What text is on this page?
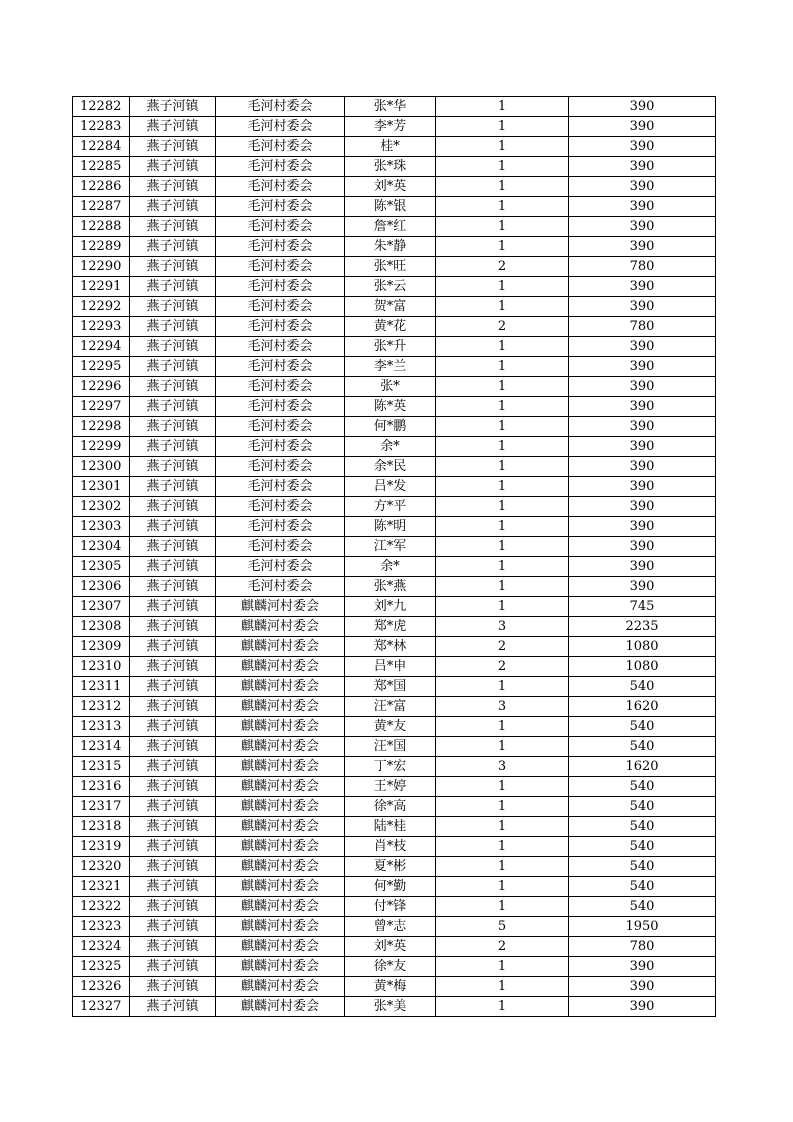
12282	燕子河镇	毛河村委会	张*华	1	390
12283	燕子河镇	毛河村委会	李*芳	1	390
12284	燕子河镇	毛河村委会	桂*	1	390
12285	燕子河镇	毛河村委会	张*珠	1	390
12286	燕子河镇	毛河村委会	刘*英	1	390
12287	燕子河镇	毛河村委会	陈*银	1	390
12288	燕子河镇	毛河村委会	詹*红	1	390
12289	燕子河镇	毛河村委会	朱*静	1	390
12290	燕子河镇	毛河村委会	张*旺	2	780
12291	燕子河镇	毛河村委会	张*云	1	390
12292	燕子河镇	毛河村委会	贺*富	1	390
12293	燕子河镇	毛河村委会	黄*花	2	780
12294	燕子河镇	毛河村委会	张*升	1	390
12295	燕子河镇	毛河村委会	李*兰	1	390
12296	燕子河镇	毛河村委会	张*	1	390
12297	燕子河镇	毛河村委会	陈*英	1	390
12298	燕子河镇	毛河村委会	何*鹏	1	390
12299	燕子河镇	毛河村委会	余*	1	390
12300	燕子河镇	毛河村委会	余*民	1	390
12301	燕子河镇	毛河村委会	吕*发	1	390
12302	燕子河镇	毛河村委会	方*平	1	390
12303	燕子河镇	毛河村委会	陈*明	1	390
12304	燕子河镇	毛河村委会	江*军	1	390
12305	燕子河镇	毛河村委会	余*	1	390
12306	燕子河镇	毛河村委会	张*燕	1	390
12307	燕子河镇	麒麟河村委会	刘*九	1	745
12308	燕子河镇	麒麟河村委会	郑*虎	3	2235
12309	燕子河镇	麒麟河村委会	郑*林	2	1080
12310	燕子河镇	麒麟河村委会	吕*申	2	1080
12311	燕子河镇	麒麟河村委会	郑*国	1	540
12312	燕子河镇	麒麟河村委会	汪*富	3	1620
12313	燕子河镇	麒麟河村委会	黄*友	1	540
12314	燕子河镇	麒麟河村委会	汪*国	1	540
12315	燕子河镇	麒麟河村委会	丁*宏	3	1620
12316	燕子河镇	麒麟河村委会	王*婷	1	540
12317	燕子河镇	麒麟河村委会	徐*高	1	540
12318	燕子河镇	麒麟河村委会	陆*桂	1	540
12319	燕子河镇	麒麟河村委会	肖*枝	1	540
12320	燕子河镇	麒麟河村委会	夏*彬	1	540
12321	燕子河镇	麒麟河村委会	何*勤	1	540
12322	燕子河镇	麒麟河村委会	付*锋	1	540
12323	燕子河镇	麒麟河村委会	曾*志	5	1950
12324	燕子河镇	麒麟河村委会	刘*英	2	780
12325	燕子河镇	麒麟河村委会	徐*友	1	390
12326	燕子河镇	麒麟河村委会	黄*梅	1	390
12327	燕子河镇	麒麟河村委会	张*美	1	390
